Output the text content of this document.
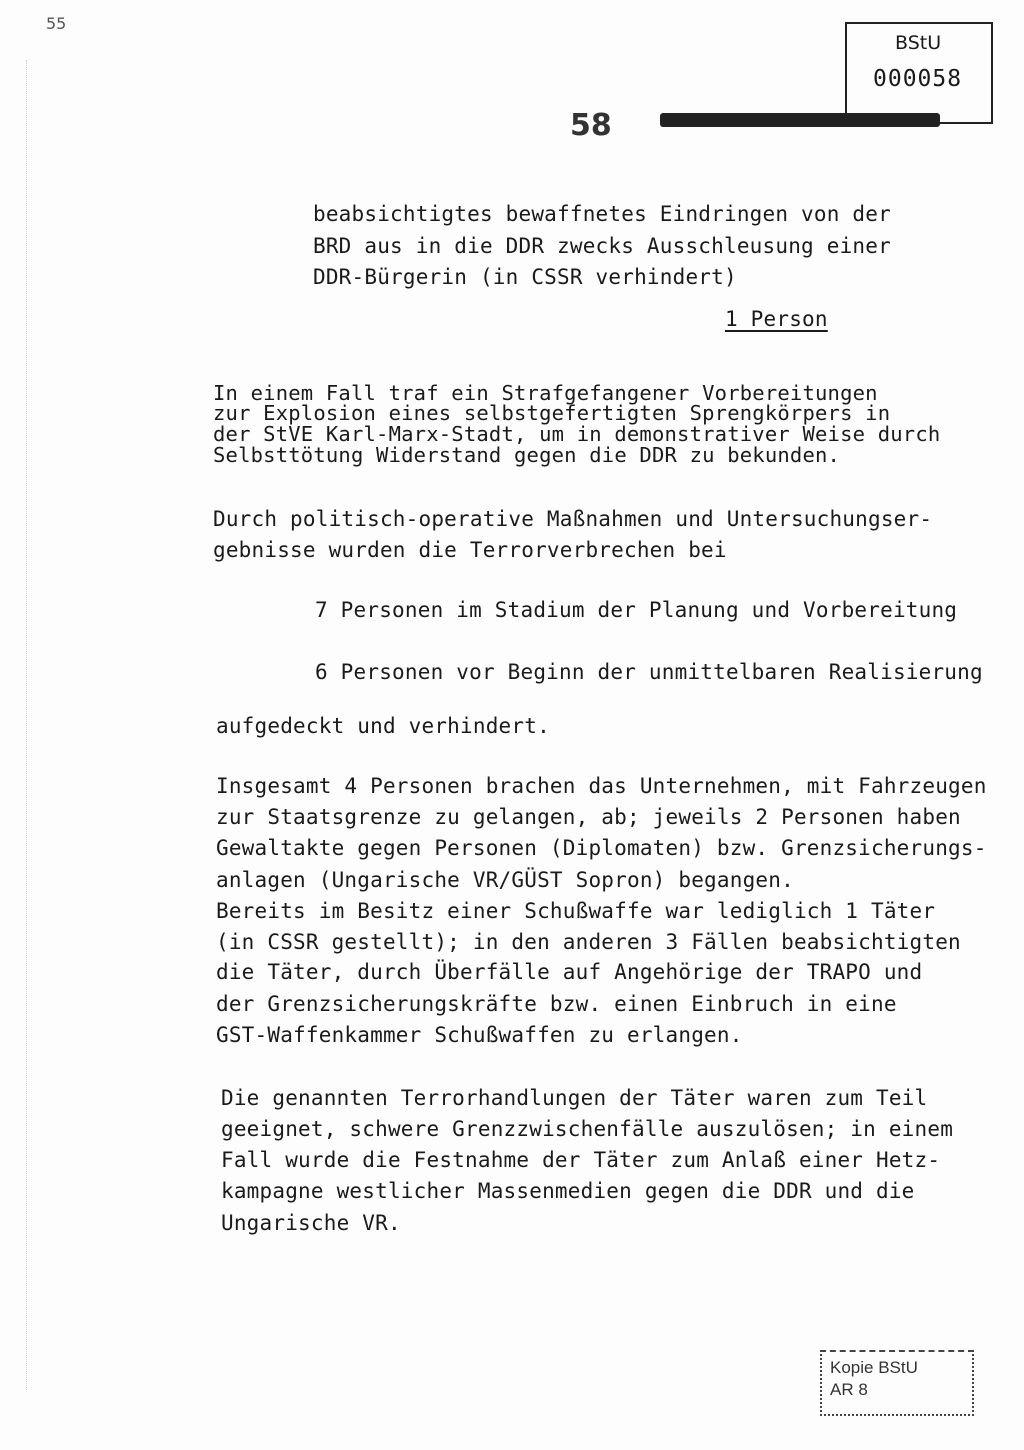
55
BStU
000058
58
beabsichtigtes bewaffnetes Eindringen von der
BRD aus in die DDR zwecks Ausschleusung einer
DDR-Bürgerin (in CSSR verhindert)
1 Person
In einem Fall traf ein Strafgefangener Vorbereitungen
zur Explosion eines selbstgefertigten Sprengkörpers in
der StVE Karl-Marx-Stadt, um in demonstrativer Weise durch
Selbsttötung Widerstand gegen die DDR zu bekunden.
Durch politisch-operative Maßnahmen und Untersuchungser-
gebnisse wurden die Terrorverbrechen bei
7 Personen im Stadium der Planung und Vorbereitung
6 Personen vor Beginn der unmittelbaren Realisierung
aufgedeckt und verhindert.
Insgesamt 4 Personen brachen das Unternehmen, mit Fahrzeugen
zur Staatsgrenze zu gelangen, ab; jeweils 2 Personen haben
Gewaltakte gegen Personen (Diplomaten) bzw. Grenzsicherungs-
anlagen (Ungarische VR/GÜST Sopron) begangen.
Bereits im Besitz einer Schußwaffe war lediglich 1 Täter
(in CSSR gestellt); in den anderen 3 Fällen beabsichtigten
die Täter, durch Überfälle auf Angehörige der TRAPO und
der Grenzsicherungskräfte bzw. einen Einbruch in eine
GST-Waffenkammer Schußwaffen zu erlangen.
Die genannten Terrorhandlungen der Täter waren zum Teil
geeignet, schwere Grenzzwischenfälle auszulösen; in einem
Fall wurde die Festnahme der Täter zum Anlaß einer Hetz-
kampagne westlicher Massenmedien gegen die DDR und die
Ungarische VR.
Kopie BStU
AR 8
